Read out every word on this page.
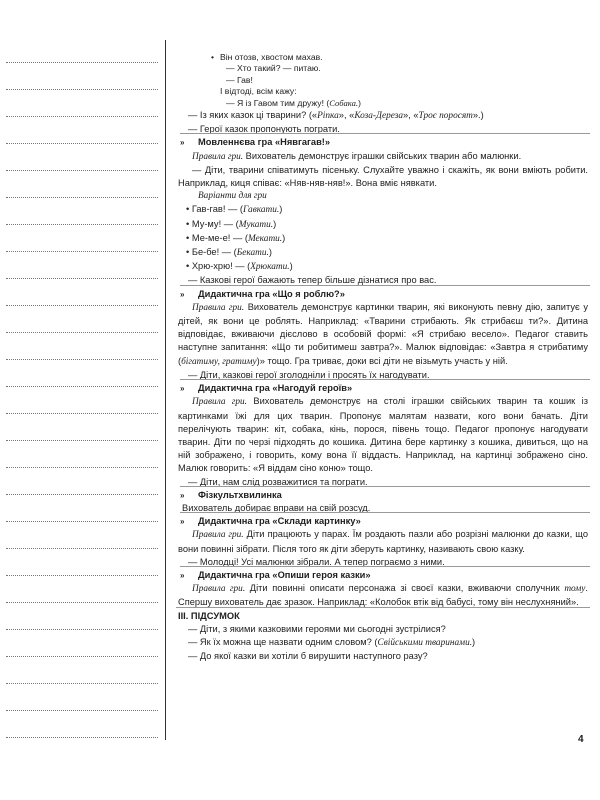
• Він отозв, хвостом махав.

— Хто такий? — питаю.

— Гав!

І відтоді, всім кажу:

— Я із Гавом тим дружу! (Собака.)

— Із яких казок ці тварини? («Ріпка», «Коза-Дереза», «Троє поросят».)

— Герої казок пропонують пограти.

» Мовленнєва гра «Нявгагав!»

Правила гри. Вихователь демонструє іграшки свійських тварин або малюнки.

— Діти, тварини співатимуть пісеньку. Слухайте уважно і скажіть, як вони вміють робити. Наприклад, киця співає: «Няв-няв-няв!». Вона вміє нявкати.

Варіанти для гри

• Гав-гав! — (Гавкати.)
• Му-му! — (Мукати.)
• Ме-ме-е! — (Мекати.)
• Бе-бе! — (Бекати.)
• Хрю-хрю! — (Хрюкати.)

— Казкові герої бажають тепер більше дізнатися про вас.

» Дидактична гра «Що я роблю?»

Правила гри. Вихователь демонструє картинки тварин, які виконують певну дію, запитує у дітей, як вони це роблять. Наприклад: «Тварини стрибають. Як стрибаєш ти?». Дитина відповідає, вживаючи дієслово в особовій формі: «Я стрибаю весело». Педагог ставить наступне запитання: «Що ти робитимеш завтра?». Малюк відповідає: «Завтра я стрибатиму (бігатиму, гратиму)» тощо. Гра триває, доки всі діти не візьмуть участь у ній.

— Діти, казкові герої зголодніли і просять їх нагодувати.

» Дидактична гра «Нагодуй героїв»

Правила гри. Вихователь демонструє на столі іграшки свійських тварин та кошик із картинками їжі для цих тварин. Пропонує малятам назвати, кого вони бачать. Діти перелічують тварин: кіт, собака, кінь, порося, півень тощо. Педагог пропонує нагодувати тварин. Діти по черзі підходять до кошика. Дитина бере картинку з кошика, дивиться, що на ній зображено, і говорить, кому вона її віддасть. Наприклад, на картинці зображено сіно. Малюк говорить: «Я віддам сіно коню» тощо.

— Діти, нам слід розважитися та пограти.

» Фізкультхвилинка

Вихователь добирає вправи на свій розсуд.

» Дидактична гра «Склади картинку»

Правила гри. Діти працюють у парах. Їм роздають пазли або розрізні малюнки до казки, що вони повинні зібрати. Після того як діти зберуть картинку, називають свою казку.

— Молодці! Усі малюнки зібрали. А тепер пограємо з ними.

» Дидактична гра «Опиши героя казки»

Правила гри. Діти повинні описати персонажа зі своєї казки, вживаючи сполучник тому. Спершу вихователь дає зразок. Наприклад: «Колобок втік від бабусі, тому він неслухняний».

ІІІ. ПІДСУМОК

— Діти, з якими казковими героями ми сьогодні зустрілися?

— Як їх можна ще назвати одним словом? (Свійськими тваринами.)

— До якої казки ви хотіли б вирушити наступного разу?

4
